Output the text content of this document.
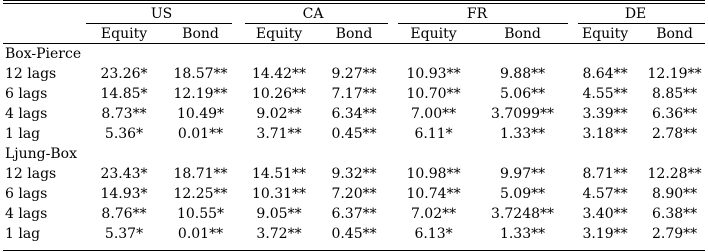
	US		CA		FR		DE	
	Equity	Bond	Equity	Bond	Equity	Bond	Equity	Bond
Box-Pierce								
12 lags	23.26*	18.57**	14.42**	9.27**	10.93**	9.88**	8.64**	12.19**
6 lags	14.85*	12.19**	10.26**	7.17**	10.70**	5.06**	4.55**	8.85**
4 lags	8.73**	10.49*	9.02**	6.34**	7.00**	3.7099**	3.39**	6.36**
1 lag	5.36*	0.01**	3.71**	0.45**	6.11*	1.33**	3.18**	2.78**
Ljung-Box								
12 lags	23.43*	18.71**	14.51**	9.32**	10.98**	9.97**	8.71**	12.28**
6 lags	14.93*	12.25**	10.31**	7.20**	10.74**	5.09**	4.57**	8.90**
4 lags	8.76**	10.55*	9.05**	6.37**	7.02**	3.7248**	3.40**	6.38**
1 lag	5.37*	0.01**	3.72**	0.45**	6.13*	1.33**	3.19**	2.79**
